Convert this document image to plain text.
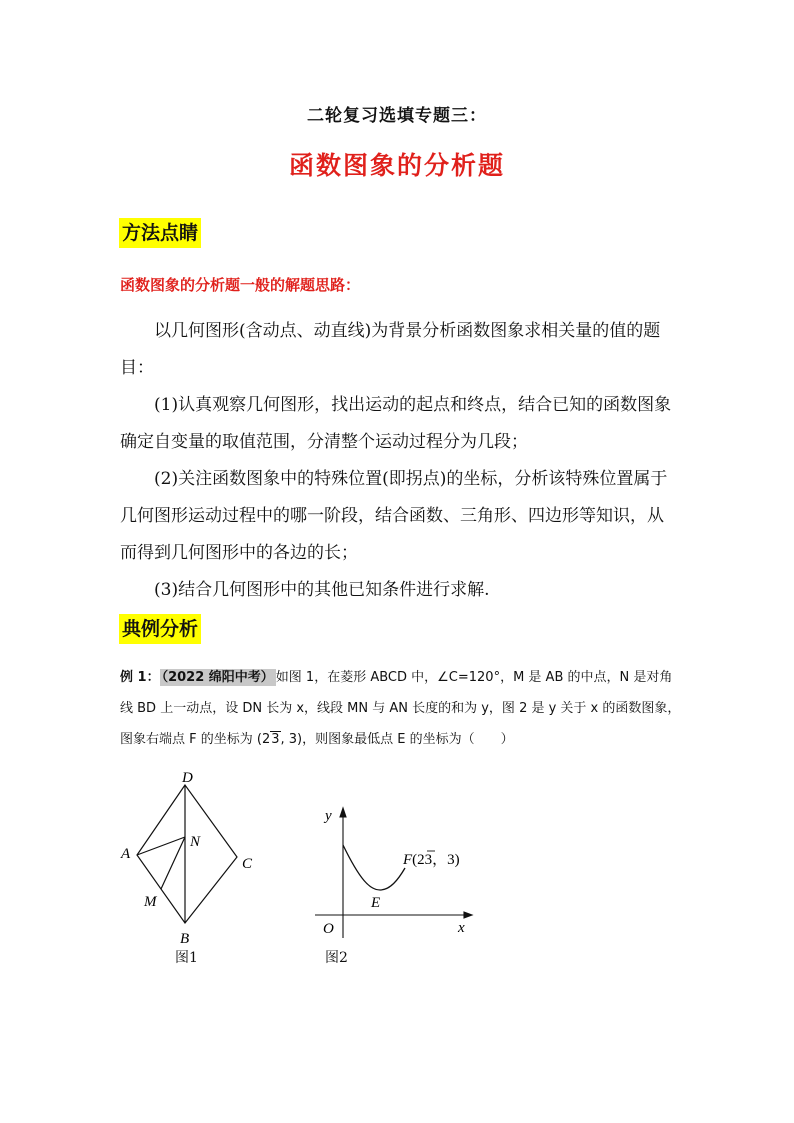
二轮复习选填专题三：
函数图象的分析题
方法点睛
函数图象的分析题一般的解题思路：

以几何图形(含动点、动直线)为背景分析函数图象求相关量的值的题目：

(1)认真观察几何图形，找出运动的起点和终点，结合已知的函数图象确定自变量的取值范围，分清整个运动过程分为几段；

(2)关注函数图象中的特殊位置(即拐点)的坐标，分析该特殊位置属于几何图形运动过程中的哪一阶段，结合函数、三角形、四边形等知识，从而得到几何图形中的各边的长；

(3)结合几何图形中的其他已知条件进行求解.

典例分析

例 1： （2022 绵阳中考） 如图 1，在菱形 ABCD 中，∠C=120°，M 是 AB 的中点，N 是对角线 BD 上一动点，设 DN 长为 x，线段 MN 与 AN 长度的和为 y，图 2 是 y 关于 x 的函数图象，图象右端点 F 的坐标为 (23, 3)，则图象最低点 E 的坐标为（　　）

D
A
C
N
M
B
图1
y
x
O
E
F(23，3)
图2
